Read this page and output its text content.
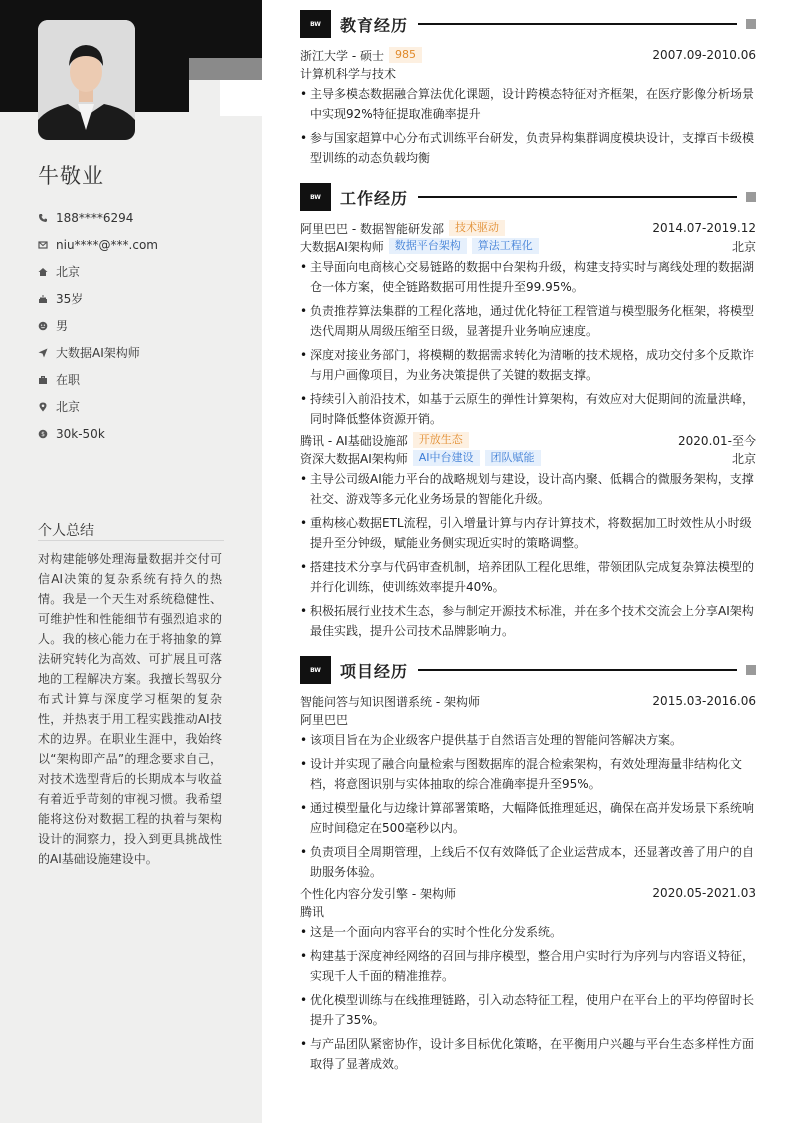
牛敬业
188****6294
niu****@***.com
北京
35岁
男
大数据AI架构师
在职
北京
$ 30k-50k
个人总结
对构建能够处理海量数据并交付可信AI决策的复杂系统有持久的热情。我是一个天生对系统稳健性、可维护性和性能细节有强烈追求的人。我的核心能力在于将抽象的算法研究转化为高效、可扩展且可落地的工程解决方案。我擅长驾驭分布式计算与深度学习框架的复杂性，并热衷于用工程实践推动AI技术的边界。在职业生涯中，我始终以“架构即产品”的理念要求自己，对技术选型背后的长期成本与收益有着近乎苛刻的审视习惯。我希望能将这份对数据工程的执着与架构设计的洞察力，投入到更具挑战性的AI基础设施建设中。
BW	教育经历
浙江大学 - 硕士	985	2007.09-2010.06
计算机科学与技术
• 主导多模态数据融合算法优化课题，设计跨模态特征对齐框架，在医疗影像分析场景中实现92%特征提取准确率提升
• 参与国家超算中心分布式训练平台研发，负责异构集群调度模块设计，支撑百卡级模型训练的动态负载均衡
BW	工作经历
阿里巴巴 - 数据智能研发部	技术驱动	2014.07-2019.12
大数据AI架构师	数据平台架构	算法工程化	北京
• 主导面向电商核心交易链路的数据中台架构升级，构建支持实时与离线处理的数据湖仓一体方案，使全链路数据可用性提升至99.95%。
• 负责推荐算法集群的工程化落地，通过优化特征工程管道与模型服务化框架，将模型迭代周期从周级压缩至日级，显著提升业务响应速度。
• 深度对接业务部门，将模糊的数据需求转化为清晰的技术规格，成功交付多个反欺诈与用户画像项目，为业务决策提供了关键的数据支撑。
• 持续引入前沿技术，如基于云原生的弹性计算架构，有效应对大促期间的流量洪峰，同时降低整体资源开销。
腾讯 - AI基础设施部	开放生态	2020.01-至今
资深大数据AI架构师	AI中台建设	团队赋能	北京
• 主导公司级AI能力平台的战略规划与建设，设计高内聚、低耦合的微服务架构，支撑社交、游戏等多元化业务场景的智能化升级。
• 重构核心数据ETL流程，引入增量计算与内存计算技术，将数据加工时效性从小时级提升至分钟级，赋能业务侧实现近实时的策略调整。
• 搭建技术分享与代码审查机制，培养团队工程化思维，带领团队完成复杂算法模型的并行化训练，使训练效率提升40%。
• 积极拓展行业技术生态，参与制定开源技术标准，并在多个技术交流会上分享AI架构最佳实践，提升公司技术品牌影响力。
BW	项目经历
智能问答与知识图谱系统 - 架构师	2015.03-2016.06
阿里巴巴
• 该项目旨在为企业级客户提供基于自然语言处理的智能问答解决方案。
• 设计并实现了融合向量检索与图数据库的混合检索架构，有效处理海量非结构化文档，将意图识别与实体抽取的综合准确率提升至95%。
• 通过模型量化与边缘计算部署策略，大幅降低推理延迟，确保在高并发场景下系统响应时间稳定在500毫秒以内。
• 负责项目全周期管理，上线后不仅有效降低了企业运营成本，还显著改善了用户的自助服务体验。
个性化内容分发引擎 - 架构师	2020.05-2021.03
腾讯
• 这是一个面向内容平台的实时个性化分发系统。
• 构建基于深度神经网络的召回与排序模型，整合用户实时行为序列与内容语义特征，实现千人千面的精准推荐。
• 优化模型训练与在线推理链路，引入动态特征工程，使用户在平台上的平均停留时长提升了35%。
• 与产品团队紧密协作，设计多目标优化策略，在平衡用户兴趣与平台生态多样性方面取得了显著成效。
